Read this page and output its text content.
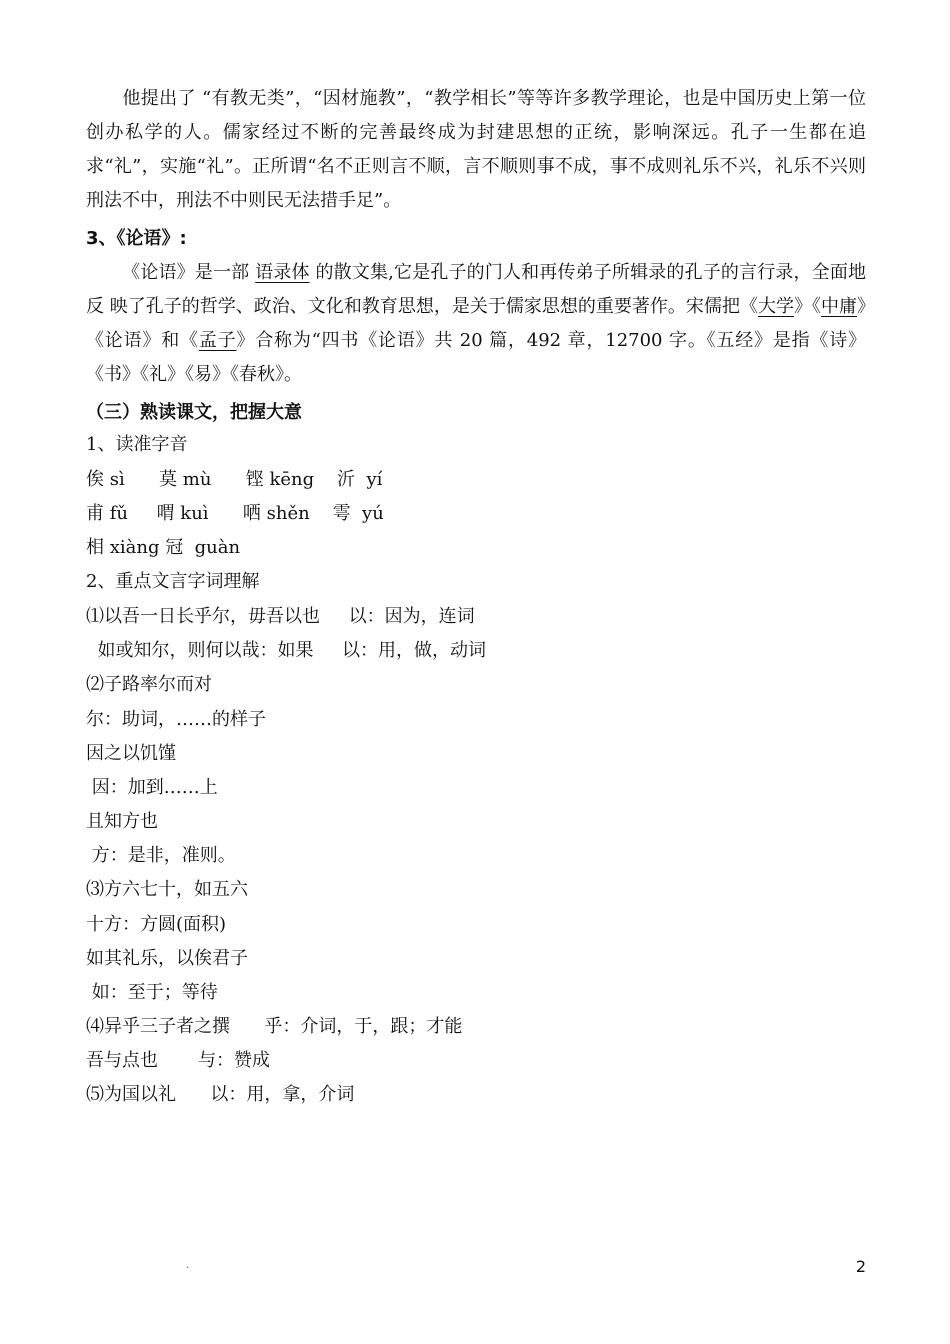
他提出了 “有教无类”，“因材施教”，“教学相长”等等许多教学理论，也是中国历史上第一位创办私学的人。儒家经过不断的完善最终成为封建思想的正统，影响深远。孔子一生都在追求“礼”，实施“礼”。正所谓“名不正则言不顺，言不顺则事不成，事不成则礼乐不兴，礼乐不兴则刑法不中，刑法不中则民无法措手足”。
3、《论语》:
《论语》是一部 语录体 的散文集,它是孔子的门人和再传弟子所辑录的孔子的言行录，全面地反 映了孔子的哲学、政治、文化和教育思想，是关于儒家思想的重要著作。宋儒把《大学》《中庸》《论语》和《孟子》合称为“四书《论语》共 20 篇，492 章，12700 字。《五经》是指《诗》《书》《礼》《易》《春秋》。
（三）熟读课文，把握大意
1、读准字音
俟 sì      莫 mù      铿 kēng    沂  yí
甫 fǔ     喟 kuì      哂 shěn    雩  yú
相 xiàng 冠  guàn
2、重点文言字词理解
⑴以吾一日长乎尔，毋吾以也     以：因为，连词
如或知尔，则何以哉：如果     以：用，做，动词
⑵子路率尔而对
尔：助词，……的样子
因之以饥馑
因：加到……上
且知方也
方：是非，准则。
⑶方六七十，如五六
十方：方圆(面积)
如其礼乐，以俟君子
如：至于；等待
⑷异乎三子者之撰      乎：介词，于，跟；才能
吾与点也       与：赞成
⑸为国以礼      以：用，拿，介词
.	2
